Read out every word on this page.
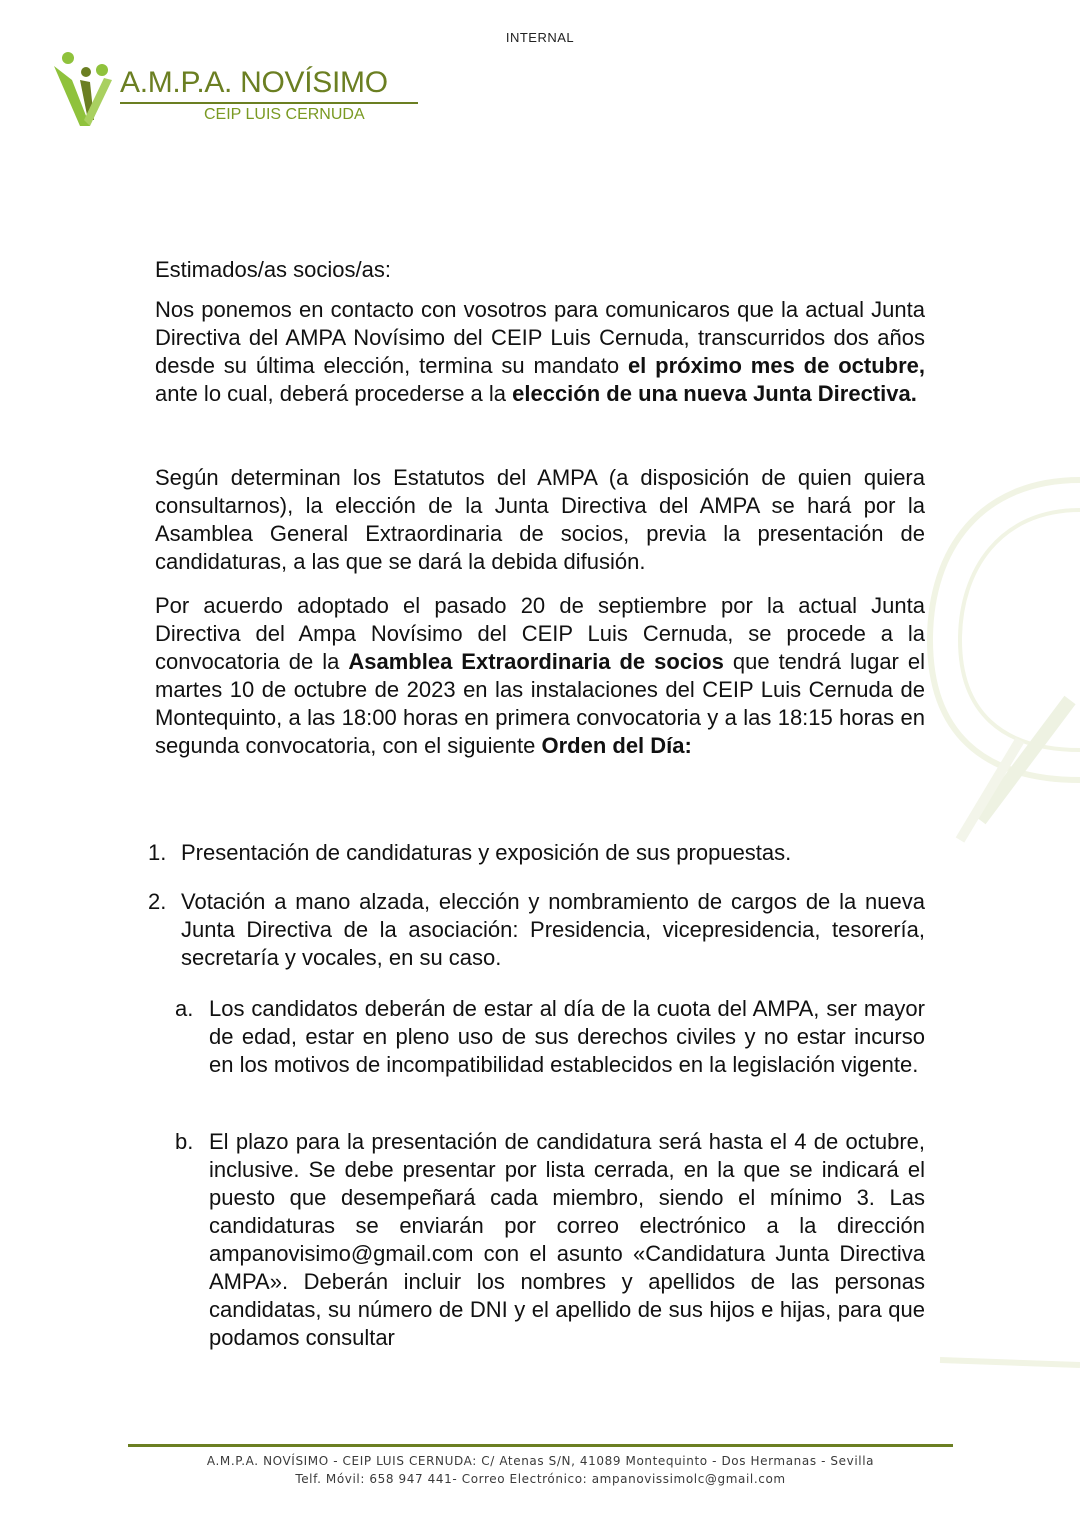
INTERNAL
A.M.P.A. NOVÍSIMO
CEIP LUIS CERNUDA

Estimados/as socios/as:

Nos ponemos en contacto con vosotros para comunicaros que la actual Junta Directiva del AMPA Novísimo del CEIP Luis Cernuda, transcurridos dos años desde su última elección, termina su mandato el próximo mes de octubre, ante lo cual, deberá procederse a la elección de una nueva Junta Directiva.

Según determinan los Estatutos del AMPA (a disposición de quien quiera consultarnos), la elección de la Junta Directiva del AMPA se hará por la Asamblea General Extraordinaria de socios, previa la presentación de candidaturas, a las que se dará la debida difusión.

Por acuerdo adoptado el pasado 20 de septiembre por la actual Junta Directiva del Ampa Novísimo del CEIP Luis Cernuda, se procede a la convocatoria de la Asamblea Extraordinaria de socios que tendrá lugar el martes 10 de octubre de 2023 en las instalaciones del CEIP Luis Cernuda de Montequinto, a las 18:00 horas en primera convocatoria y a las 18:15 horas en segunda convocatoria, con el siguiente Orden del Día:

1. Presentación de candidaturas y exposición de sus propuestas.
2. Votación a mano alzada, elección y nombramiento de cargos de la nueva Junta Directiva de la asociación: Presidencia, vicepresidencia, tesorería, secretaría y vocales, en su caso.
a. Los candidatos deberán de estar al día de la cuota del AMPA, ser mayor de edad, estar en pleno uso de sus derechos civiles y no estar incurso en los motivos de incompatibilidad establecidos en la legislación vigente.
b. El plazo para la presentación de candidatura será hasta el 4 de octubre, inclusive. Se debe presentar por lista cerrada, en la que se indicará el puesto que desempeñará cada miembro, siendo el mínimo 3. Las candidaturas se enviarán por correo electrónico a la dirección ampanovisimo@gmail.com con el asunto «Candidatura Junta Directiva AMPA». Deberán incluir los nombres y apellidos de las personas candidatas, su número de DNI y el apellido de sus hijos e hijas, para que podamos consultar
A.M.P.A. NOVÍSIMO - CEIP LUIS CERNUDA: C/ Atenas S/N, 41089 Montequinto - Dos Hermanas - Sevilla
Telf. Móvil: 658 947 441- Correo Electrónico: ampanovissimolc@gmail.com
